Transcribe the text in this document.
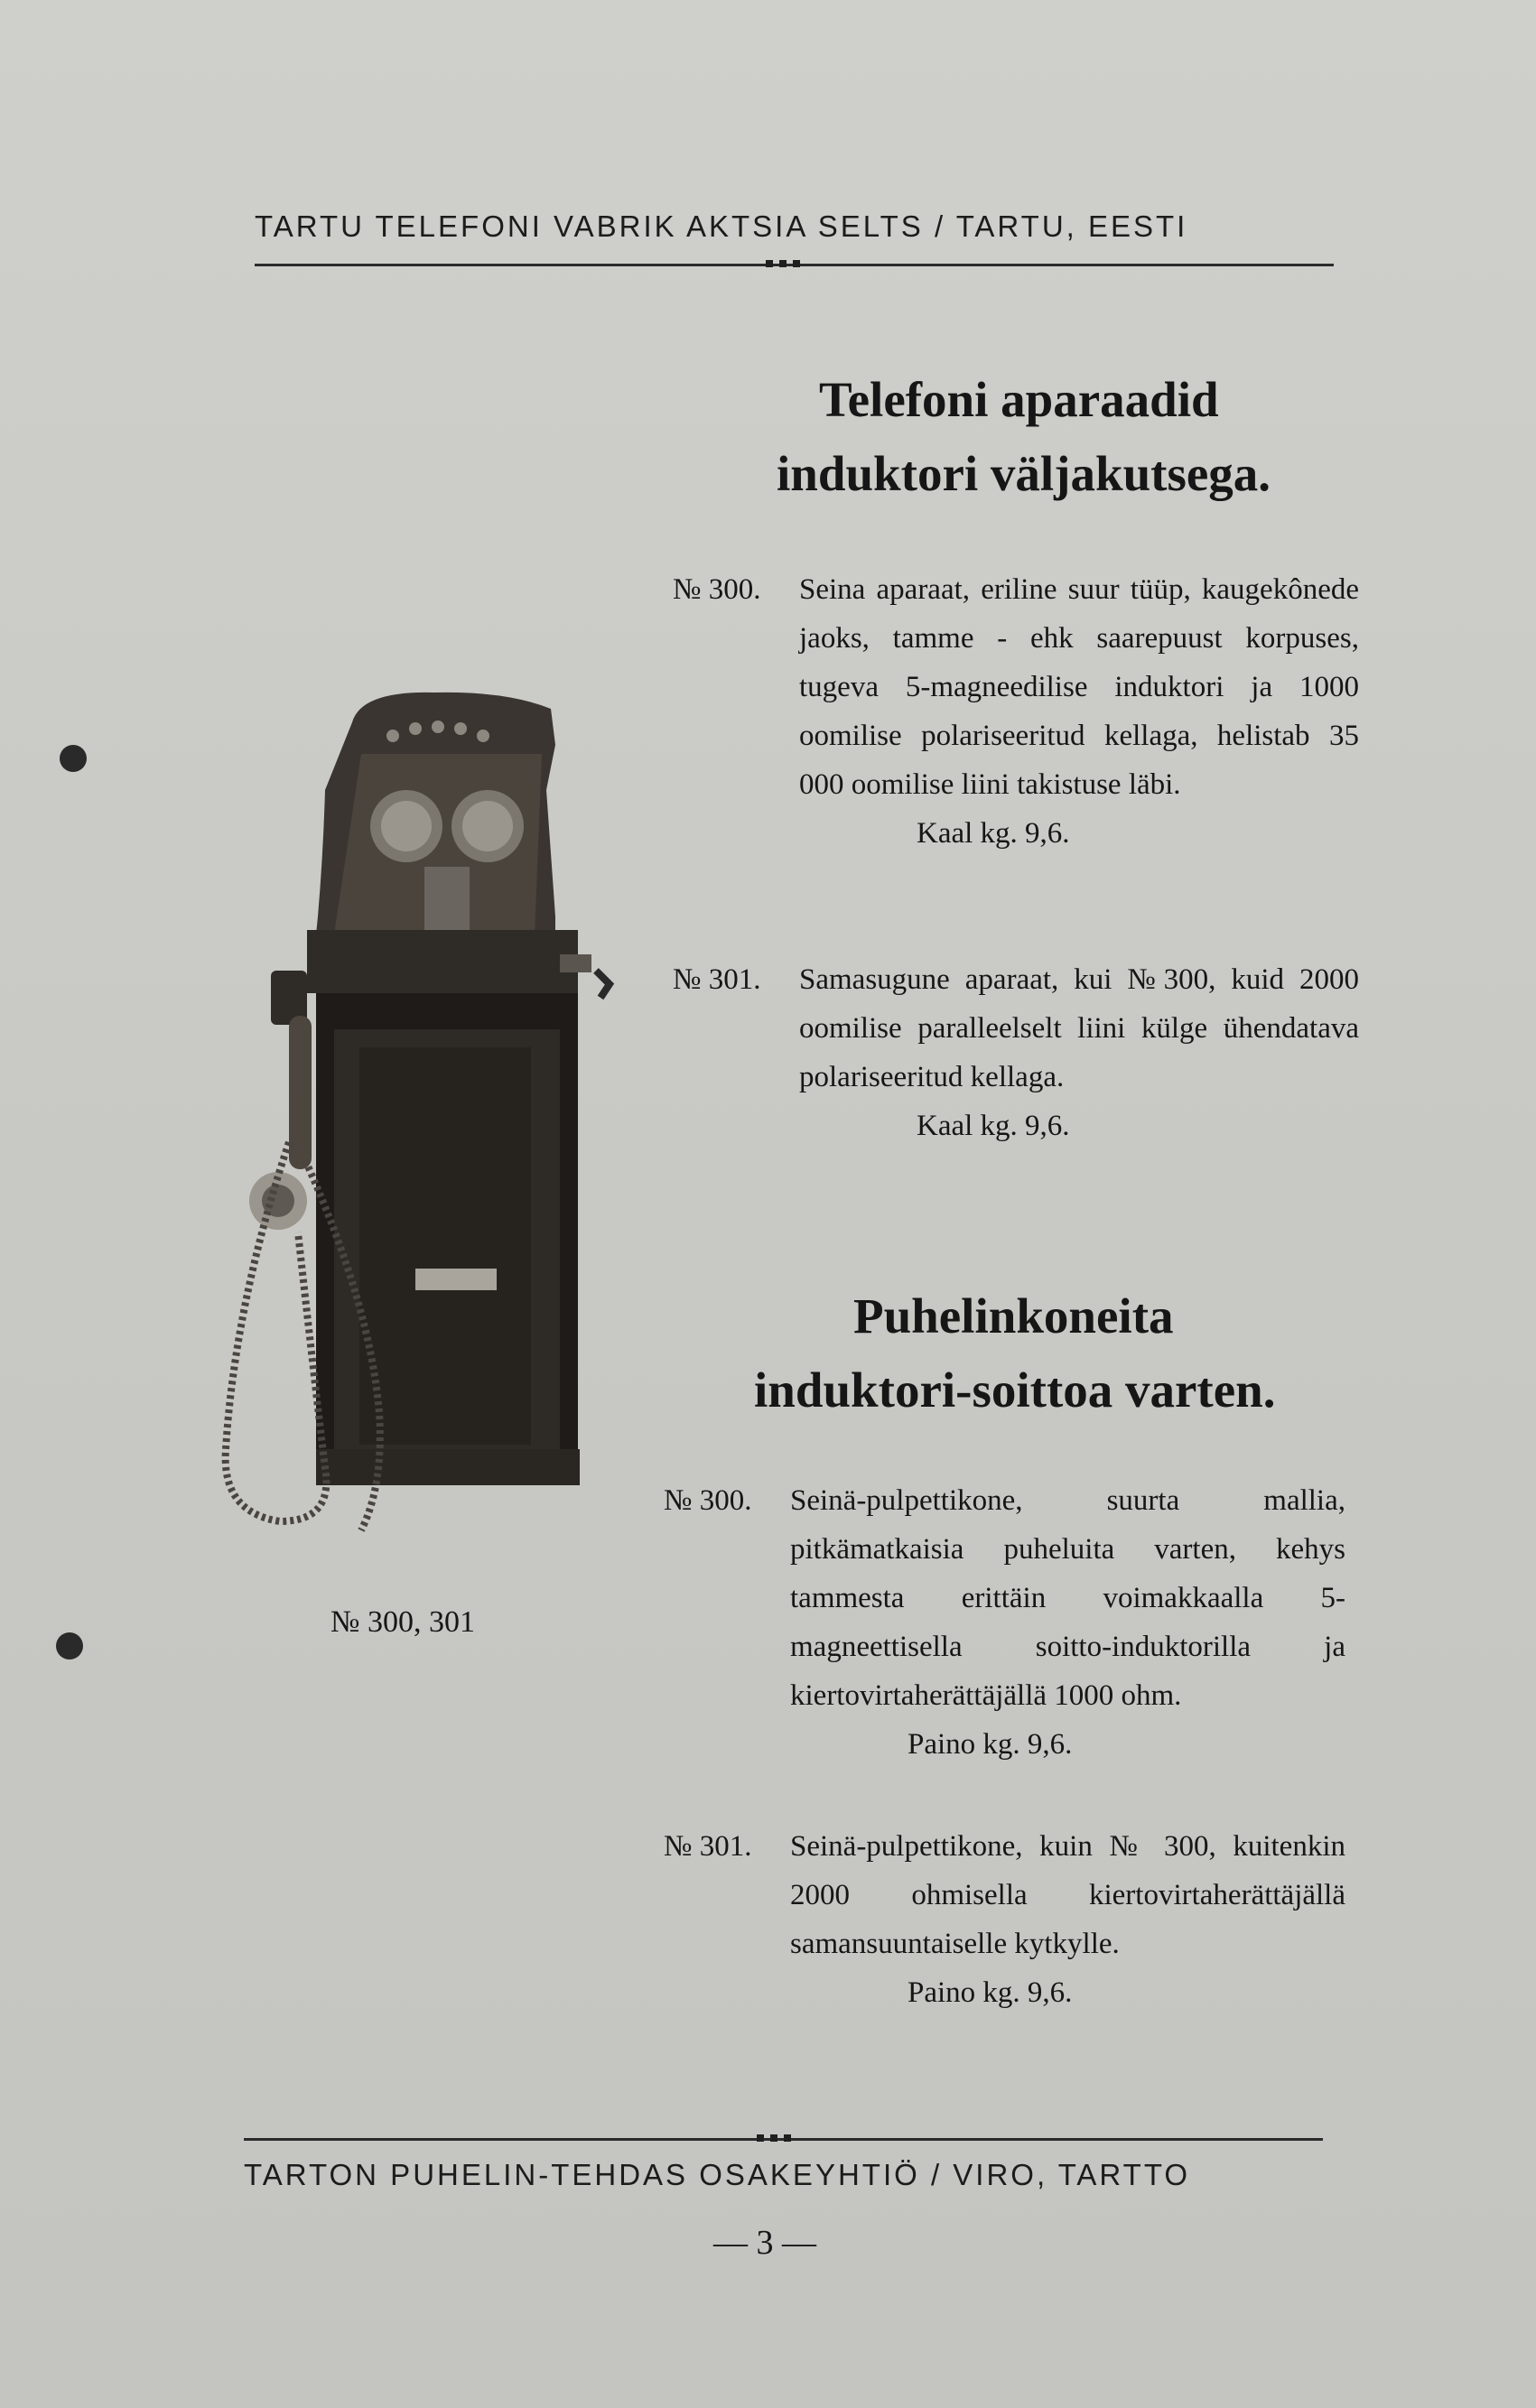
TARTU TELEFONI VABRIK AKTSIA SELTS / TARTU, EESTI
Telefoni aparaadid
induktori väljakutsega.
№ 300. Seina aparaat, eriline suur tüüp, kaugekônede jaoks, tamme - ehk saarepuust korpuses, tugeva 5-magneedilise induktori ja 1000 oomilise polariseeritud kellaga, helistab 35 000 oomilise liini takistuse läbi.
Kaal kg. 9,6.
№ 301. Samasugune aparaat, kui №300, kuid 2000 oomilise paralleelselt liini külge ühendatava polariseeritud kellaga.
Kaal kg. 9,6.
Puhelinkoneita
induktori-soittoa varten.
№ 300. Seinä-pulpettikone, suurta mallia, pitkämatkaisia puheluita varten, kehys tammesta erittäin voimakkaalla 5-magneettisella soitto-induktorilla ja kiertovirtaherättäjällä 1000 ohm.
Paino kg. 9,6.
№ 301. Seinä-pulpettikone, kuin № 300, kuitenkin 2000 ohmisella kiertovirtaherättäjällä samansuuntaiselle kytkylle.
Paino kg. 9,6.
№ 300, 301
TARTON PUHELIN-TEHDAS OSAKEYHTIÖ / VIRO, TARTTO
— 3 —
